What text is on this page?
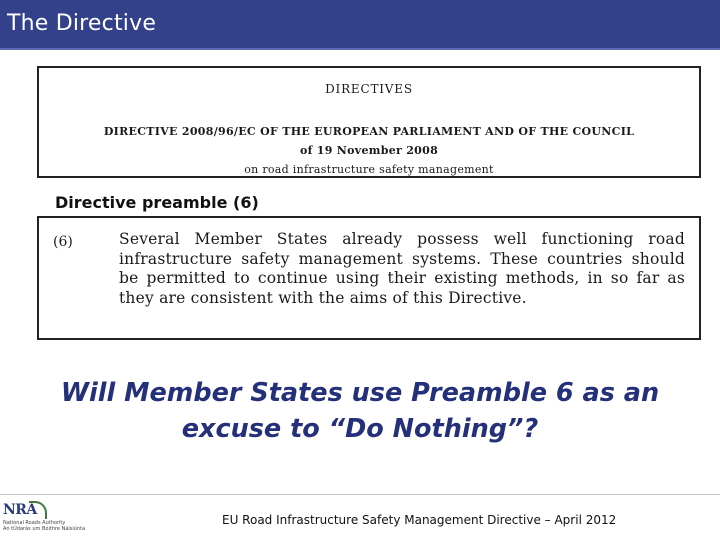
The Directive
DIRECTIVES
DIRECTIVE 2008/96/EC OF THE EUROPEAN PARLIAMENT AND OF THE COUNCIL
of 19 November 2008
on road infrastructure safety management
Directive preamble (6)
(6)	Several Member States already possess well functioning road infrastructure safety management systems. These countries should be permitted to continue using their existing methods, in so far as they are consistent with the aims of this Directive.
Will Member States use Preamble 6 as an
excuse to “Do Nothing”?
NRA
National Roads Authority
An tÚdarás um Bóithre Náisiúnta
EU Road Infrastructure Safety Management Directive – April 2012
